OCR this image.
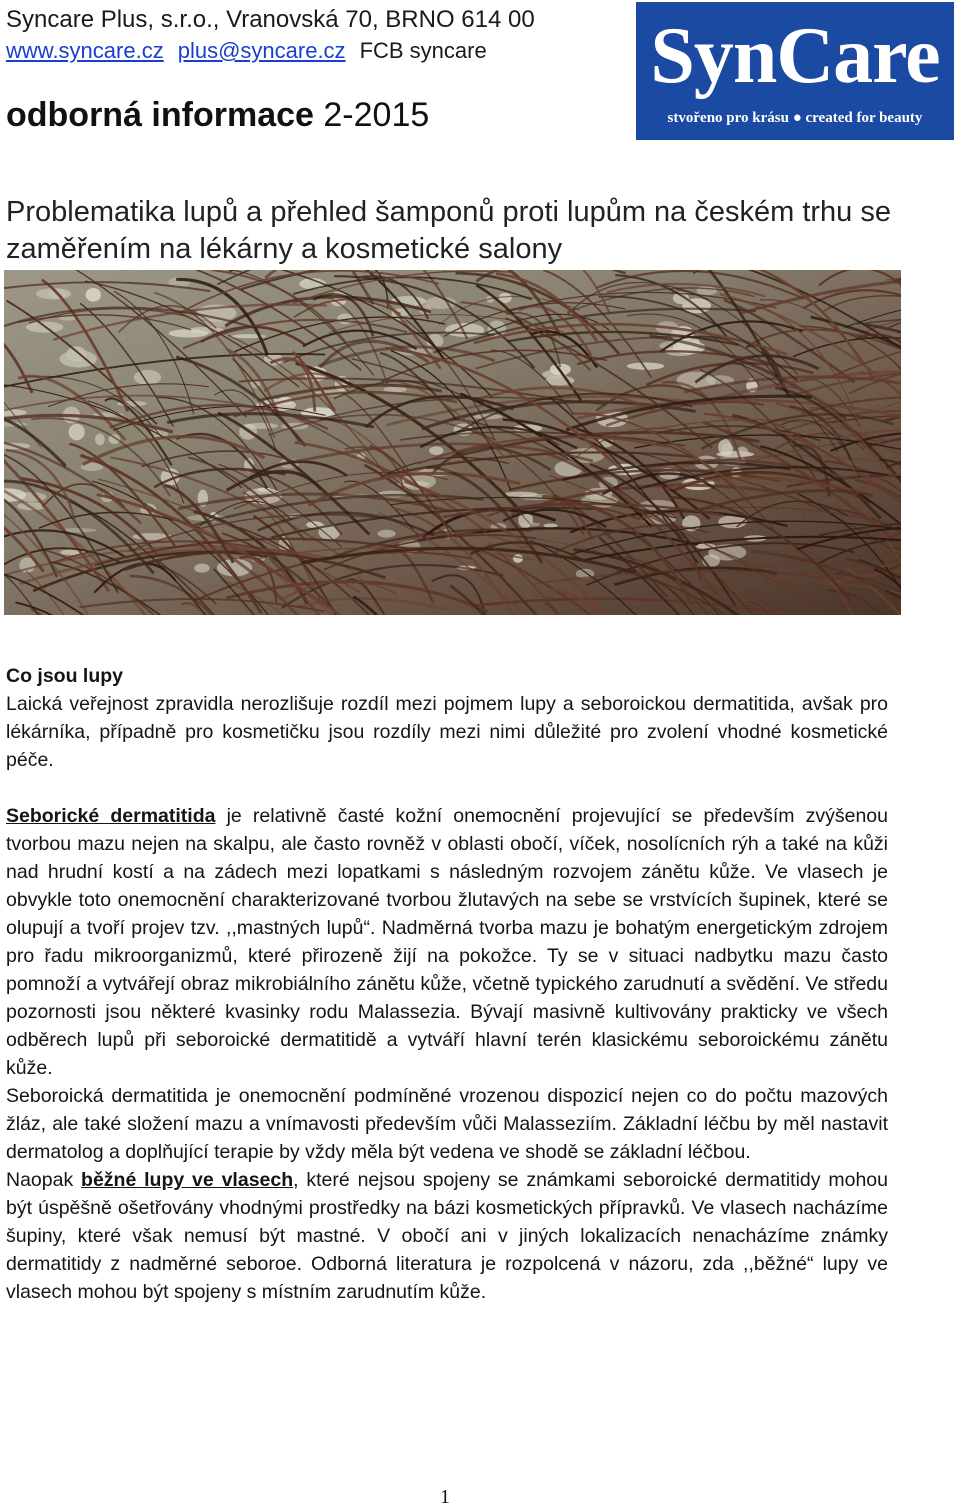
Syncare Plus, s.r.o., Vranovská 70, BRNO 614 00
www.syncare.cz plus@syncare.cz FCB syncare SynCare
stvořeno pro krásu ● created for beauty
odborná informace 2-2015
Problematika lupů a přehled šamponů proti lupům na českém trhu se zaměřením na lékárny a kosmetické salony

Co jsou lupy

Laická veřejnost zpravidla nerozlišuje rozdíl mezi pojmem lupy a seboroickou dermatitida, avšak pro lékárníka, případně pro kosmetičku jsou rozdíly mezi nimi důležité pro zvolení vhodné kosmetické péče.

Seborické dermatitida je relativně časté kožní onemocnění projevující se především zvýšenou tvorbou mazu nejen na skalpu, ale často rovněž v oblasti obočí, víček, nosolícních rýh a také na kůži nad hrudní kostí a na zádech mezi lopatkami s následným rozvojem zánětu kůže. Ve vlasech je obvykle toto onemocnění charakterizované tvorbou žlutavých na sebe se vrstvících šupinek, které se olupují a tvoří projev tzv. ,,mastných lupů“. Nadměrná tvorba mazu je bohatým energetickým zdrojem pro řadu mikroorganizmů, které přirozeně žijí na pokožce. Ty se v situaci nadbytku mazu často pomnoží a vytvářejí obraz mikrobiálního zánětu kůže, včetně typického zarudnutí a svědění. Ve středu pozornosti jsou některé kvasinky rodu Malassezia. Bývají masivně kultivovány prakticky ve všech odběrech lupů při seboroické dermatitidě a vytváří hlavní terén klasickému seboroickému zánětu kůže.

Seboroická dermatitida je onemocnění podmíněné vrozenou dispozicí nejen co do počtu mazových žláz, ale také složení mazu a vnímavosti především vůči Malasseziím. Základní léčbu by měl nastavit dermatolog a doplňující terapie by vždy měla být vedena ve shodě se základní léčbou.

Naopak běžné lupy ve vlasech, které nejsou spojeny se známkami seboroické dermatitidy mohou být úspěšně ošetřovány vhodnými prostředky na bázi kosmetických přípravků. Ve vlasech nacházíme šupiny, které však nemusí být mastné. V obočí ani v jiných lokalizacích nenacházíme známky dermatitidy z nadměrné seboroe. Odborná literatura je rozpolcená v názoru, zda ,,běžné“ lupy ve vlasech mohou být spojeny s místním zarudnutím kůže.

1
